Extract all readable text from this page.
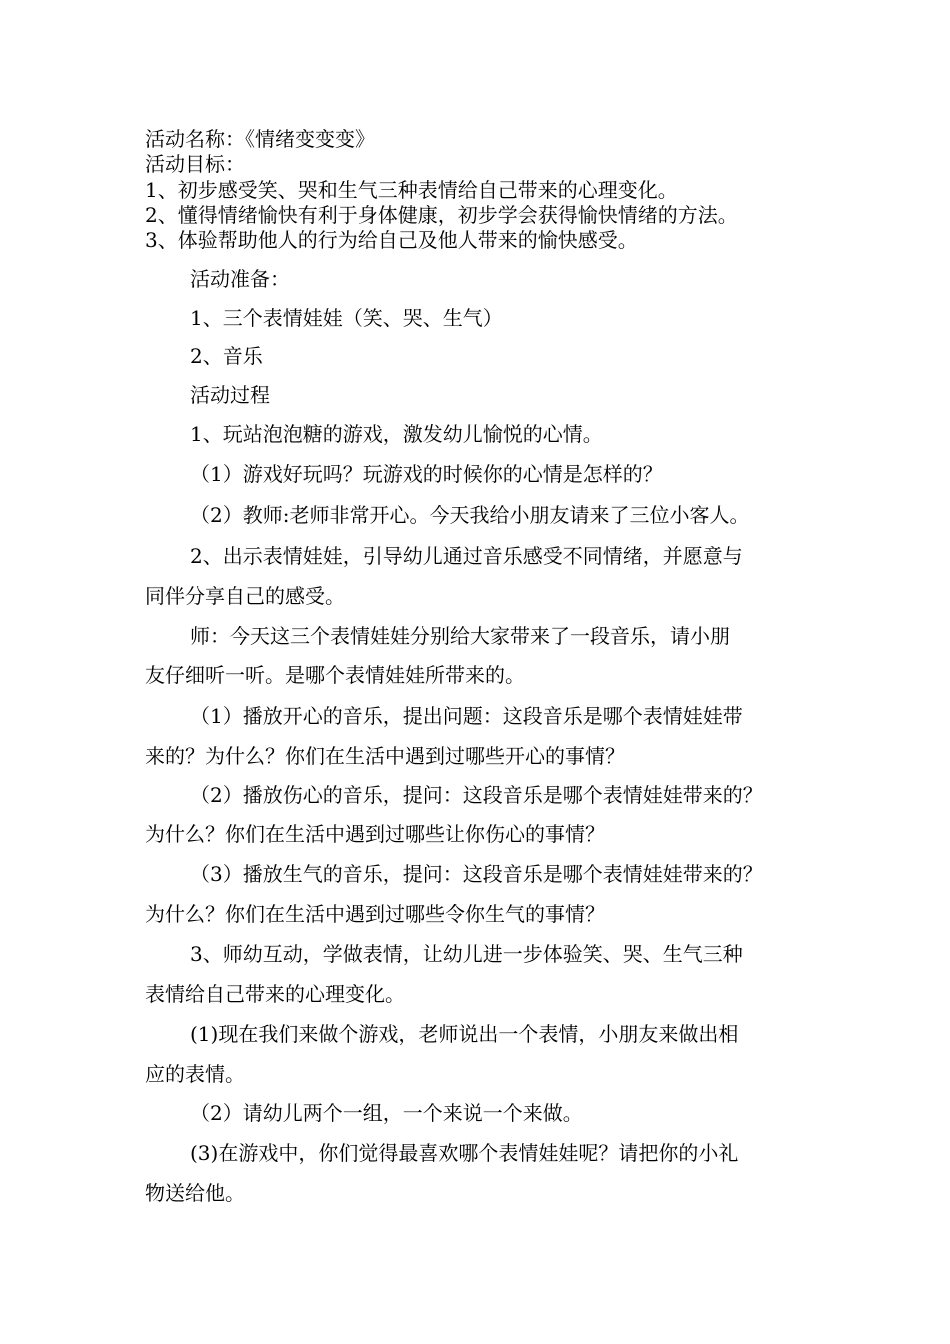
活动名称：《情绪变变变》
活动目标：
1、初步感受笑、哭和生气三种表情给自己带来的心理变化。
2、懂得情绪愉快有利于身体健康，初步学会获得愉快情绪的方法。
3、体验帮助他人的行为给自己及他人带来的愉快感受。
活动准备：
1、三个表情娃娃（笑、哭、生气）
2、音乐
活动过程
1、玩站泡泡糖的游戏，激发幼儿愉悦的心情。
（1）游戏好玩吗？玩游戏的时候你的心情是怎样的？
（2）教师:老师非常开心。今天我给小朋友请来了三位小客人。
2、出示表情娃娃，引导幼儿通过音乐感受不同情绪，并愿意与
同伴分享自己的感受。
师：今天这三个表情娃娃分别给大家带来了一段音乐，请小朋
友仔细听一听。是哪个表情娃娃所带来的。
（1）播放开心的音乐，提出问题：这段音乐是哪个表情娃娃带
来的？为什么？你们在生活中遇到过哪些开心的事情？
（2）播放伤心的音乐，提问：这段音乐是哪个表情娃娃带来的？
为什么？你们在生活中遇到过哪些让你伤心的事情？
（3）播放生气的音乐，提问：这段音乐是哪个表情娃娃带来的？
为什么？你们在生活中遇到过哪些令你生气的事情？
3、师幼互动，学做表情，让幼儿进一步体验笑、哭、生气三种
表情给自己带来的心理变化。
(1)现在我们来做个游戏，老师说出一个表情，小朋友来做出相
应的表情。
（2）请幼儿两个一组，一个来说一个来做。
(3)在游戏中，你们觉得最喜欢哪个表情娃娃呢？请把你的小礼
物送给他。
